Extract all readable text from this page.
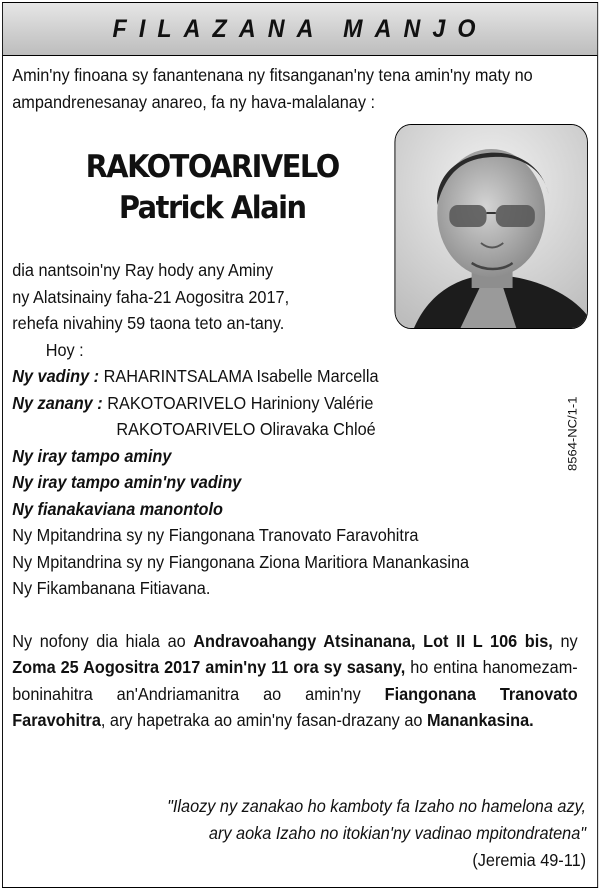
FILAZANA MANJO
Amin'ny finoana sy fanantenana ny fitsanganan'ny tena amin'ny maty no ampandrenesanay anareo, fa ny hava-malalanay :
RAKOTOARIVELO
Patrick Alain
dia nantsoin'ny Ray hody any Aminy
ny Alatsinainy faha-21 Aogositra 2017,
rehefa nivahiny 59 taona teto an-tany.
Hoy :
Ny vadiny : RAHARINTSALAMA Isabelle Marcella
Ny zanany : RAKOTOARIVELO Hariniony Valérie
RAKOTOARIVELO Oliravaka Chloé
Ny iray tampo aminy
Ny iray tampo amin'ny vadiny
Ny fianakaviana manontolo
Ny Mpitandrina sy ny Fiangonana Tranovato Faravohitra
Ny Mpitandrina sy ny Fiangonana Ziona Maritiora Manankasina
Ny Fikambanana Fitiavana.
Ny nofony dia hiala ao Andravoahangy Atsinanana, Lot II L 106 bis, ny Zoma 25 Aogositra 2017 amin'ny 11 ora sy sasany, ho entina hanomezam-boninahitra an'Andriamanitra ao amin'ny Fiangonana Tranovato Faravohitra, ary hapetraka ao amin'ny fasan-drazany ao Manankasina.
"Ilaozy ny zanakao ho kamboty fa Izaho no hamelona azy,
ary aoka Izaho no itokian'ny vadinao mpitondratena"
(Jeremia 49-11)
8564-NC/1-1
